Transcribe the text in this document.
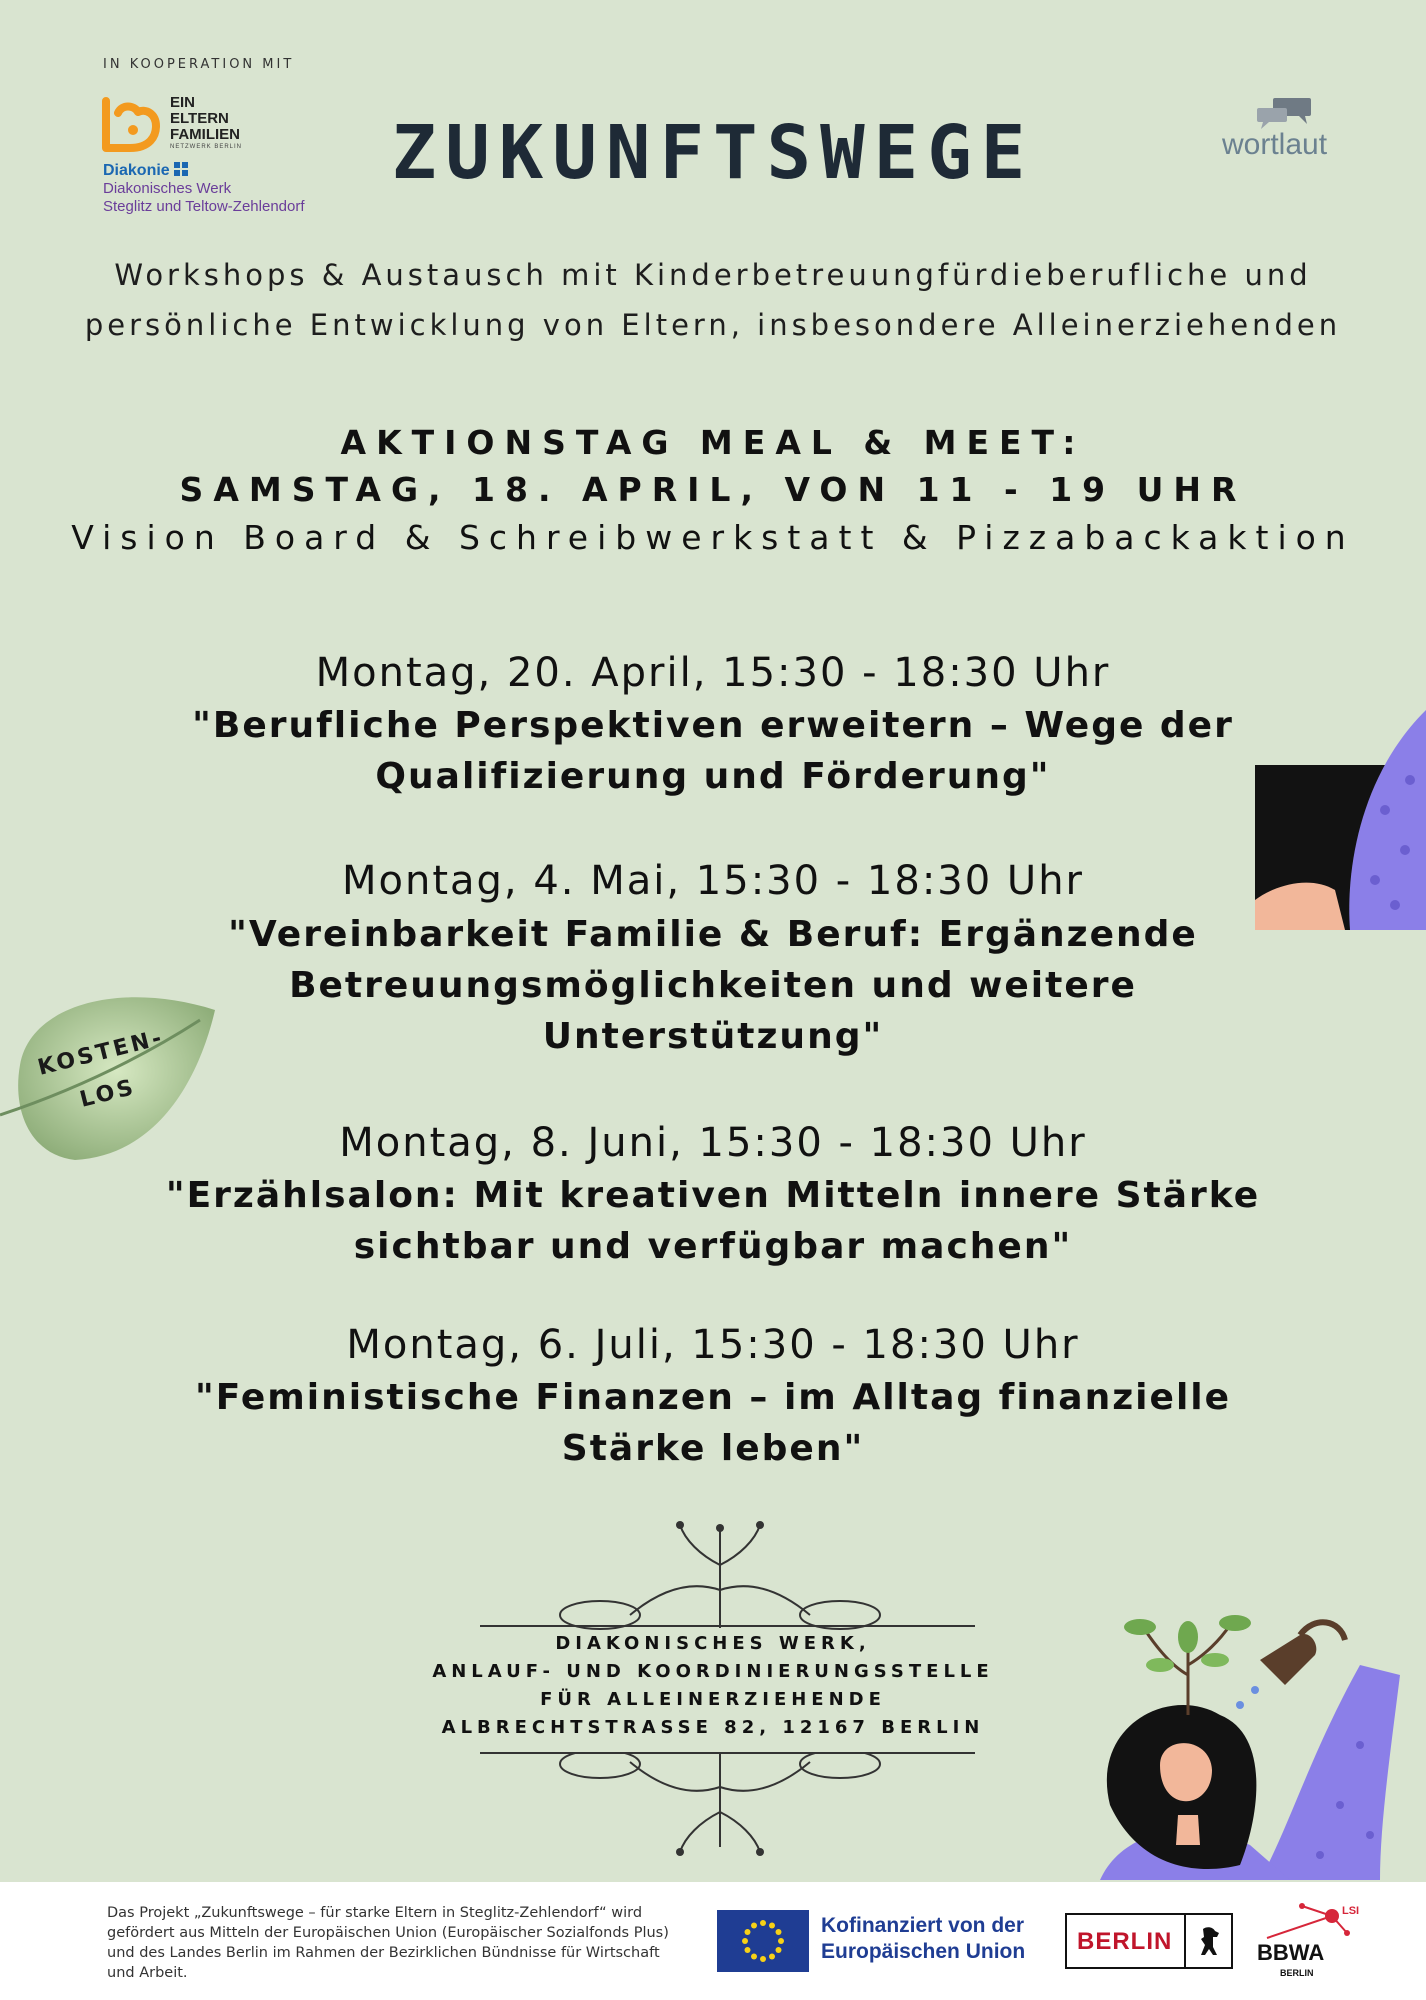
IN KOOPERATION MIT
EIN
ELTERN
FAMILIEN
NETZWERK BERLIN
Diakonie
Diakonisches Werk
Steglitz und Teltow-Zehlendorf
wortlaut
ZUKUNFTSWEGE
Workshops & Austausch mit Kinderbetreuungfürdieberufliche und
persönliche Entwicklung von Eltern, insbesondere Alleinerziehenden
AKTIONSTAG MEAL & MEET:
SAMSTAG, 18. APRIL, VON 11 - 19 UHR
Vision Board & Schreibwerkstatt & Pizzabackaktion
Montag, 20. April, 15:30 - 18:30 Uhr
"Berufliche Perspektiven erweitern – Wege der
Qualifizierung und Förderung"
Montag, 4. Mai, 15:30 - 18:30 Uhr
"Vereinbarkeit Familie & Beruf: Ergänzende
Betreuungsmöglichkeiten und weitere
Unterstützung"
Montag, 8. Juni, 15:30 - 18:30 Uhr
"Erzählsalon: Mit kreativen Mitteln innere Stärke
sichtbar und verfügbar machen"
Montag, 6. Juli, 15:30 - 18:30 Uhr
"Feministische Finanzen – im Alltag finanzielle
Stärke leben"
KOSTEN-
LOS
DIAKONISCHES WERK,
ANLAUF- UND KOORDINIERUNGSSTELLE
FÜR ALLEINERZIEHENDE
ALBRECHTSTRASSE 82, 12167 BERLIN
Das Projekt „Zukunftswege – für starke Eltern in Steglitz-Zehlendorf“ wird gefördert aus Mitteln der Europäischen Union (Europäischer Sozialfonds Plus) und des Landes Berlin im Rahmen der Bezirklichen Bündnisse für Wirtschaft und Arbeit.
Kofinanziert von der
Europäischen Union BERLIN
LSI
BBWA
BERLIN
